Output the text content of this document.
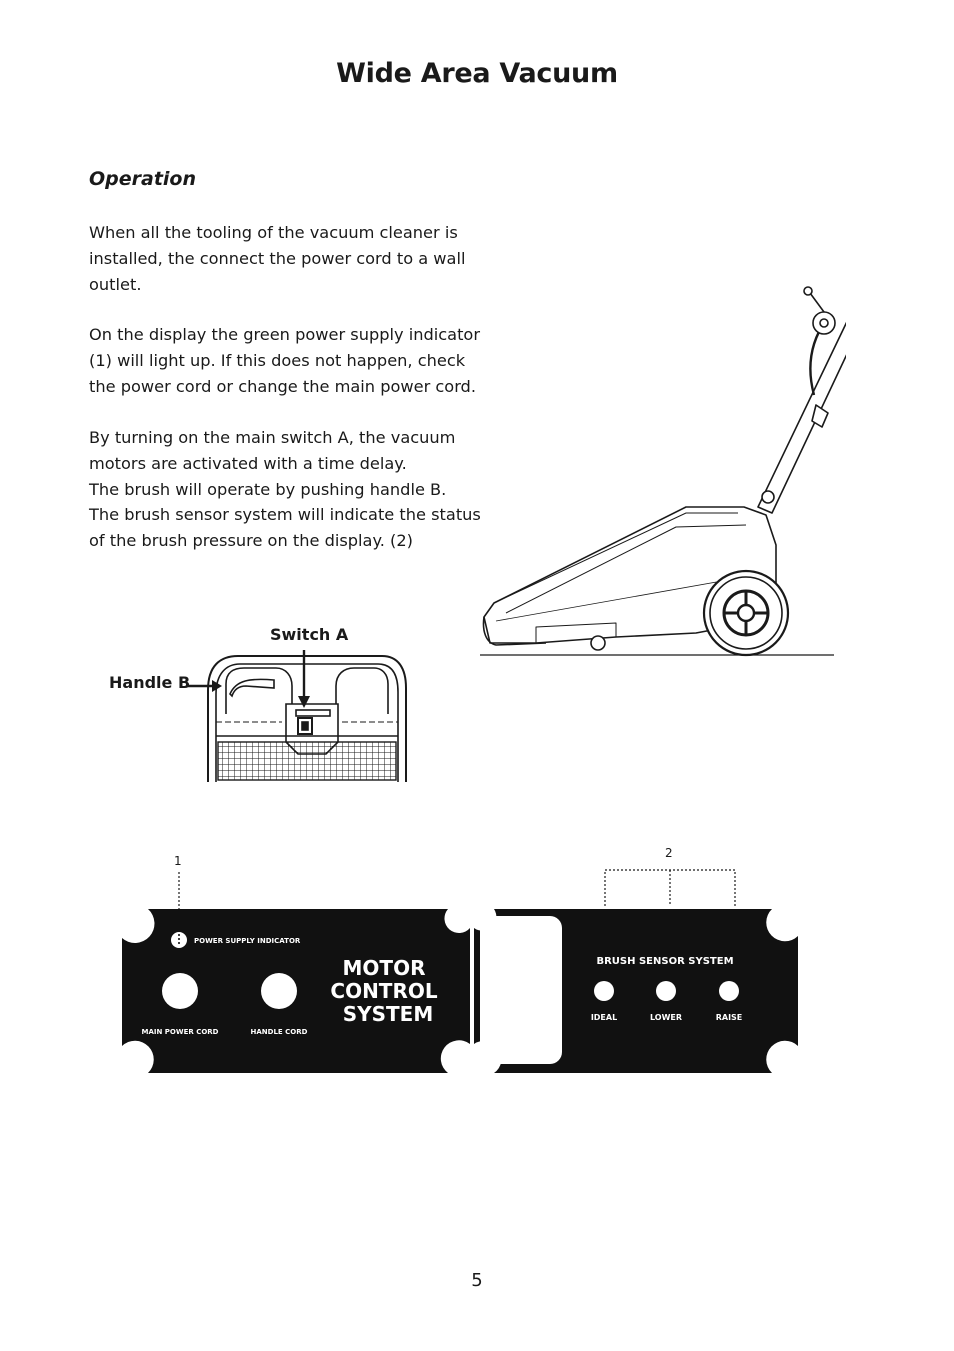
Wide Area Vacuum
Operation

When all the tooling of the vacuum cleaner is
installed, the connect the power cord to a wall
outlet.

On the display the green power supply indicator
(1) will light up. If this does not happen, check
the power cord or change the main power cord.

By turning on the main switch A, the vacuum
motors are activated with a time delay.
The brush will operate by pushing handle B.
The brush sensor system will indicate the status
of the brush pressure on the display. (2)

Switch A
Handle B
1
2
POWER SUPPLY INDICATOR
MAIN POWER CORD	HANDLE CORD
MOTOR
CONTROL
SYSTEM
BRUSH SENSOR SYSTEM
IDEAL	LOWER	RAISE
5
